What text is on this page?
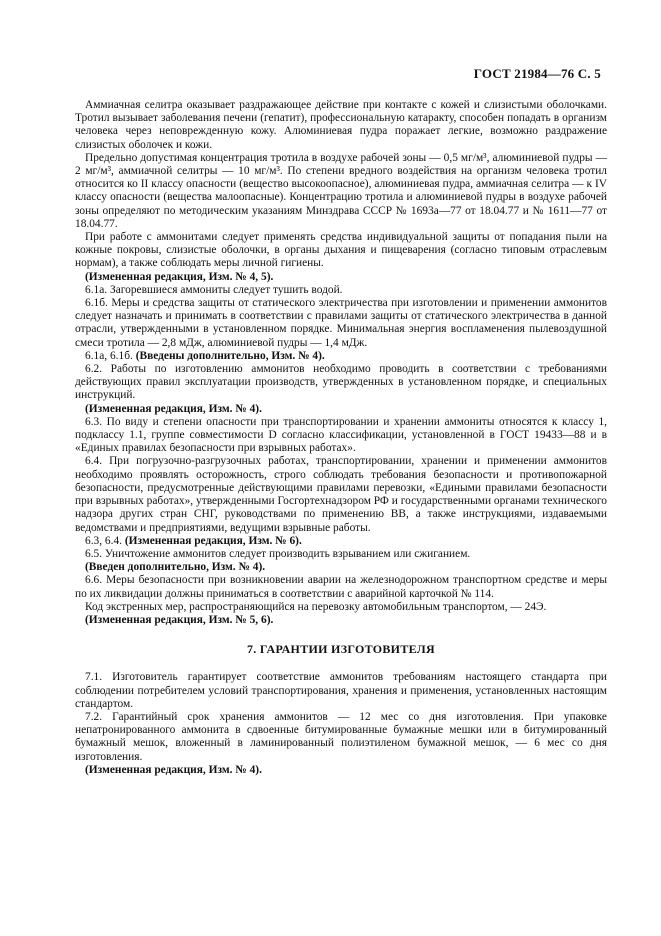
ГОСТ 21984—76 С. 5

Аммиачная селитра оказывает раздражающее действие при контакте с кожей и слизистыми оболочками. Тротил вызывает заболевания печени (гепатит), профессиональную катаракту, способен попадать в организм человека через неповрежденную кожу. Алюминиевая пудра поражает легкие, возможно раздражение слизистых оболочек и кожи.

Предельно допустимая концентрация тротила в воздухе рабочей зоны — 0,5 мг/м³, алюминиевой пудры — 2 мг/м³, аммиачной селитры — 10 мг/м³. По степени вредного воздействия на организм человека тротил относится ко II классу опасности (вещество высокоопасное), алюминиевая пудра, аммиачная селитра — к IV классу опасности (вещества малоопасные). Концентрацию тротила и алюминиевой пудры в воздухе рабочей зоны определяют по методическим указаниям Минздрава СССР № 1693а—77 от 18.04.77 и № 1611—77 от 18.04.77.

При работе с аммонитами следует применять средства индивидуальной защиты от попадания пыли на кожные покровы, слизистые оболочки, в органы дыхания и пищеварения (согласно типовым отраслевым нормам), а также соблюдать меры личной гигиены.

(Измененная редакция, Изм. № 4, 5).

6.1а. Загоревшиеся аммониты следует тушить водой.

6.1б. Меры и средства защиты от статического электричества при изготовлении и применении аммонитов следует назначать и принимать в соответствии с правилами защиты от статического электричества в данной отрасли, утвержденными в установленном порядке. Минимальная энергия воспламенения пылевоздушной смеси тротила — 2,8 мДж, алюминиевой пудры — 1,4 мДж.

6.1а, 6.1б. (Введены дополнительно, Изм. № 4).

6.2. Работы по изготовлению аммонитов необходимо проводить в соответствии с требованиями действующих правил эксплуатации производств, утвержденных в установленном порядке, и специальных инструкций.

(Измененная редакция, Изм. № 4).

6.3. По виду и степени опасности при транспортировании и хранении аммониты относятся к классу 1, подклассу 1.1, группе совместимости D согласно классификации, установленной в ГОСТ 19433—88 и в «Единых правилах безопасности при взрывных работах».

6.4. При погрузочно-разгрузочных работах, транспортировании, хранении и применении аммонитов необходимо проявлять осторожность, строго соблюдать требования безопасности и противопожарной безопасности, предусмотренные действующими правилами перевозки, «Едиными правилами безопасности при взрывных работах», утвержденными Госгортехнадзором РФ и государственными органами технического надзора других стран СНГ, руководствами по применению ВВ, а также инструкциями, издаваемыми ведомствами и предприятиями, ведущими взрывные работы.

6.3, 6.4. (Измененная редакция, Изм. № 6).

6.5. Уничтожение аммонитов следует производить взрыванием или сжиганием.

(Введен дополнительно, Изм. № 4).

6.6. Меры безопасности при возникновении аварии на железнодорожном транспортном средстве и меры по их ликвидации должны приниматься в соответствии с аварийной карточкой № 114.

Код экстренных мер, распространяющийся на перевозку автомобильным транспортом, — 24Э.

(Измененная редакция, Изм. № 5, 6).

7. ГАРАНТИИ ИЗГОТОВИТЕЛЯ

7.1. Изготовитель гарантирует соответствие аммонитов требованиям настоящего стандарта при соблюдении потребителем условий транспортирования, хранения и применения, установленных настоящим стандартом.

7.2. Гарантийный срок хранения аммонитов — 12 мес со дня изготовления. При упаковке непатронированного аммонита в сдвоенные битумированные бумажные мешки или в битумированный бумажный мешок, вложенный в ламинированный полиэтиленом бумажной мешок, — 6 мес со дня изготовления.

(Измененная редакция, Изм. № 4).
